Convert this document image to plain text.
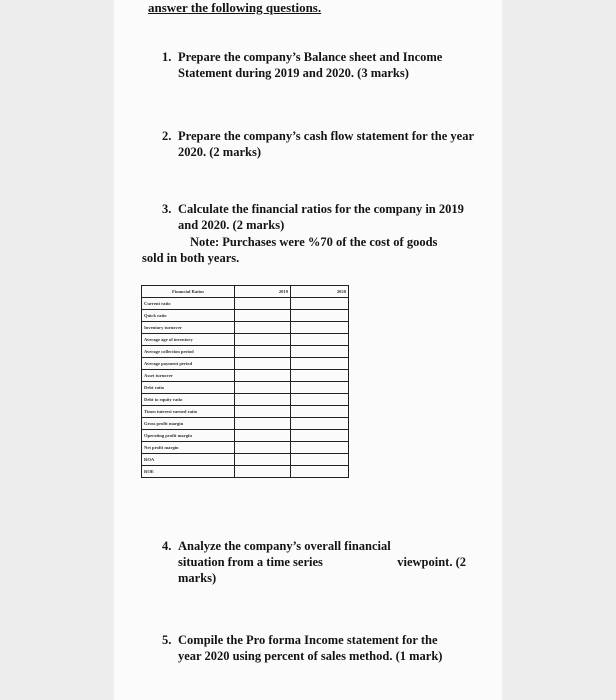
answer the following questions.
1. Prepare the company’s Balance sheet and Income Statement during 2019 and 2020. (3 marks)
2. Prepare the company’s cash flow statement for the year 2020. (2 marks)
3. Calculate the financial ratios for the company in 2019 and 2020. (2 marks)
Note: Purchases were %70 of the cost of goods
sold in both years.
Financial Ratios	2019	2020
Current ratio		
Quick ratio		
Inventory turnover		
Average age of inventory		
Average collection period		
Average payment period		
Asset turnover		
Debt ratio		
Debt to equity ratio		
Times interest earned ratio		
Gross profit margin		
Operating profit margin		
Net profit margin		
ROA		
ROE		
4. Analyze the company’s overall financial
situation from a time series	viewpoint. (2
marks)
5. Compile the Pro forma Income statement for the year 2020 using percent of sales method. (1 mark)
